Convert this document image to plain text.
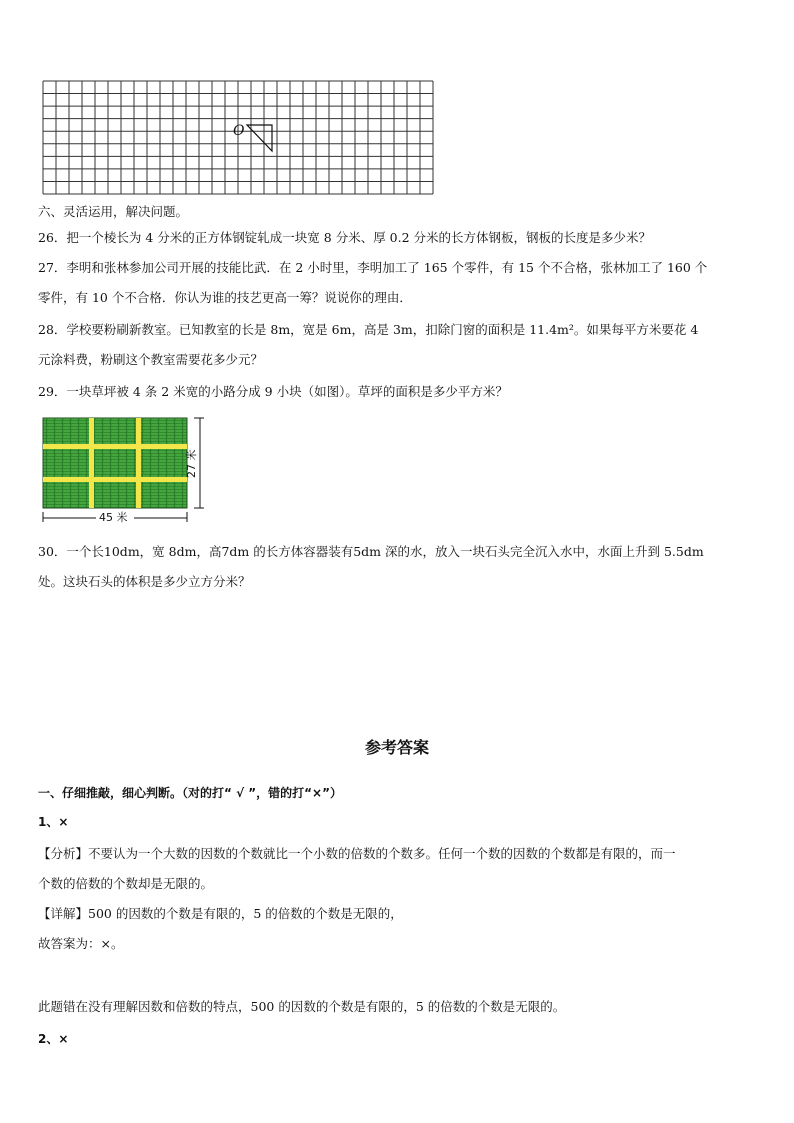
O
六、灵活运用，解决问题。
26．把一个棱长为 4 分米的正方体钢锭轧成一块宽 8 分米、厚 0.2 分米的长方体钢板，钢板的长度是多少米？
27．李明和张林参加公司开展的技能比武．在 2 小时里，李明加工了 165 个零件，有 15 个不合格，张林加工了 160 个
零件，有 10 个不合格．你认为谁的技艺更高一筹？说说你的理由．
28．学校要粉刷新教室。已知教室的长是 8m，宽是 6m，高是 3m，扣除门窗的面积是 11.4m²。如果每平方米要花 4
元涂料费，粉刷这个教室需要花多少元？
29．一块草坪被 4 条 2 米宽的小路分成 9 小块（如图）。草坪的面积是多少平方米？
27 米
45 米
30．一个长10dm，宽 8dm，高7dm 的长方体容器装有5dm 深的水，放入一块石头完全沉入水中，水面上升到 5.5dm
处。这块石头的体积是多少立方分米？
参考答案
一、仔细推敲，细心判断。（对的打“ √ ”，错的打“×”）
1、×
【分析】不要认为一个大数的因数的个数就比一个小数的倍数的个数多。任何一个数的因数的个数都是有限的，而一
个数的倍数的个数却是无限的。
【详解】500 的因数的个数是有限的，5 的倍数的个数是无限的，
故答案为：×。
此题错在没有理解因数和倍数的特点，500 的因数的个数是有限的，5 的倍数的个数是无限的。
2、×
